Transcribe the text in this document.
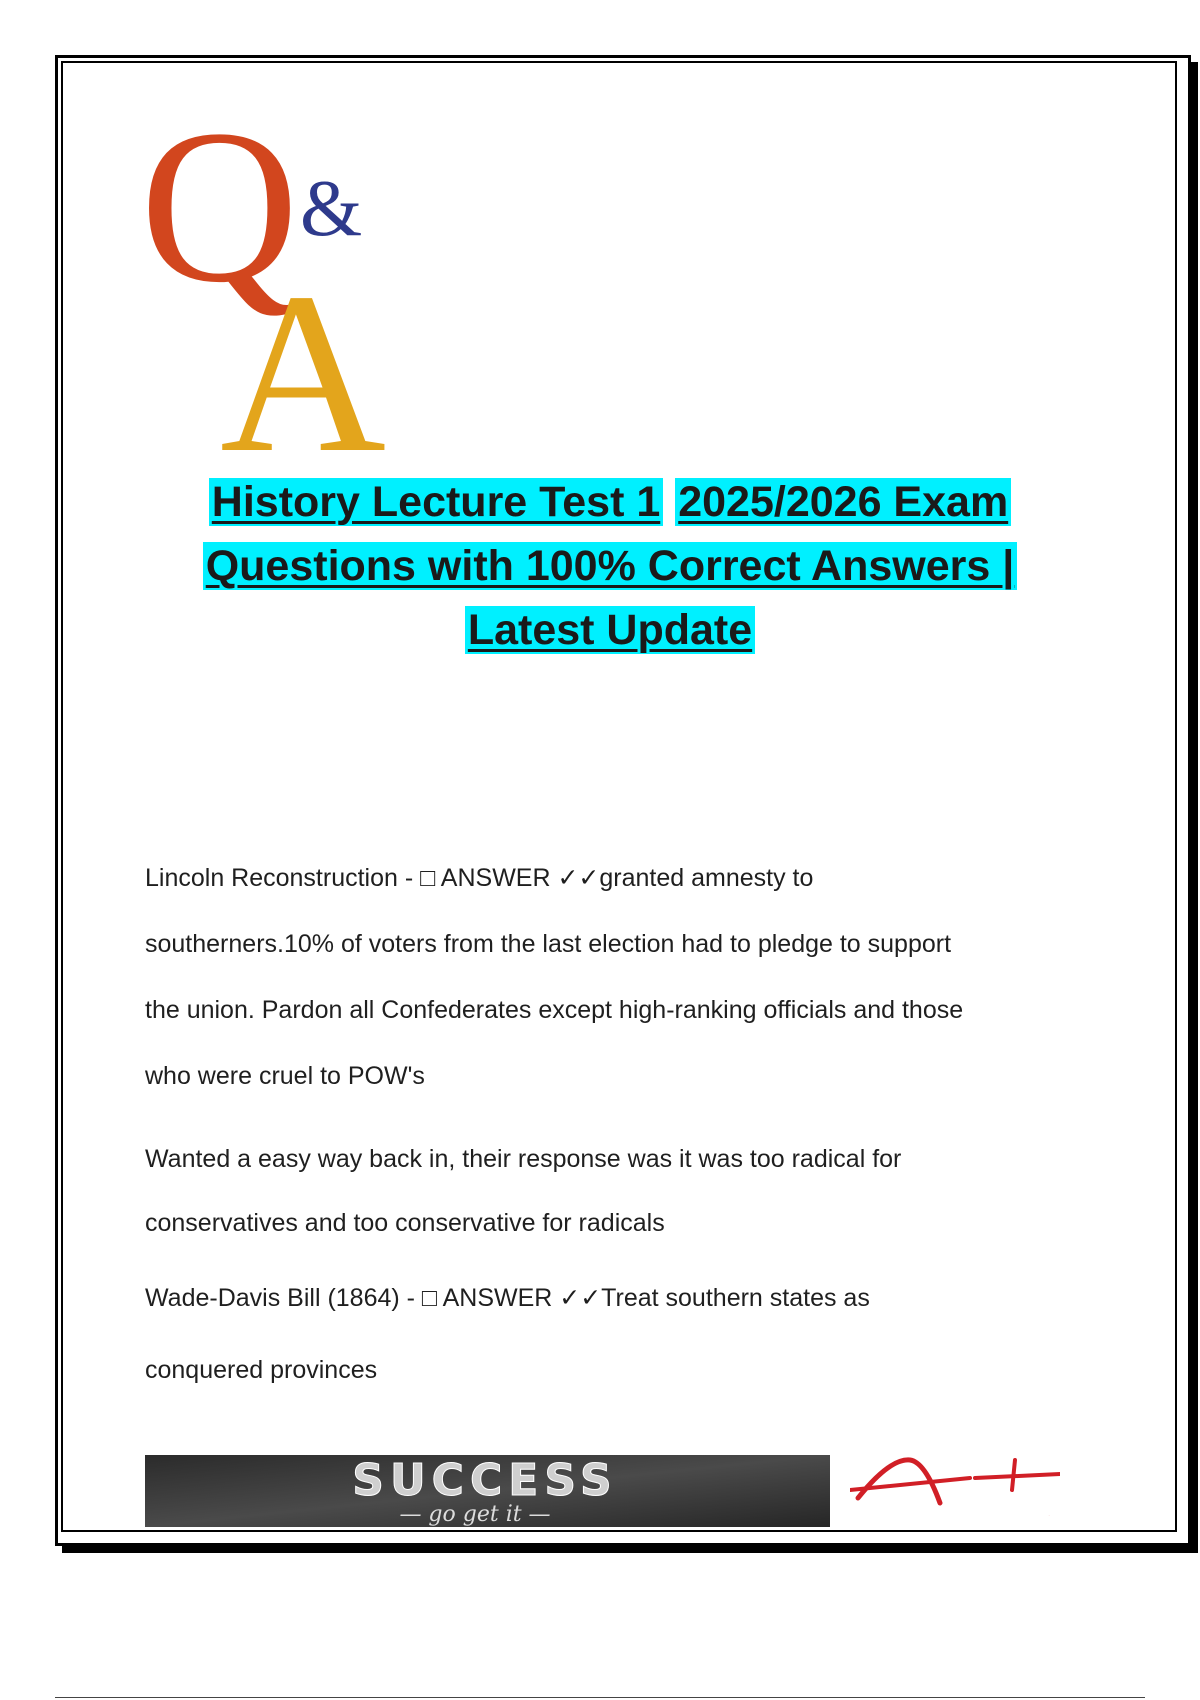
Q &
A
History Lecture Test 1 2025/2026 Exam
Questions with 100% Correct Answers |
Latest Update

Lincoln Reconstruction - □ ANSWER ✓✓granted amnesty to

southerners.10% of voters from the last election had to pledge to support

the union. Pardon all Confederates except high-ranking officials and those

who were cruel to POW's

Wanted a easy way back in, their response was it was too radical for

conservatives and too conservative for radicals

Wade-Davis Bill (1864) - □ ANSWER ✓✓Treat southern states as

conquered provinces

SUCCESS
— go get it —	A+
